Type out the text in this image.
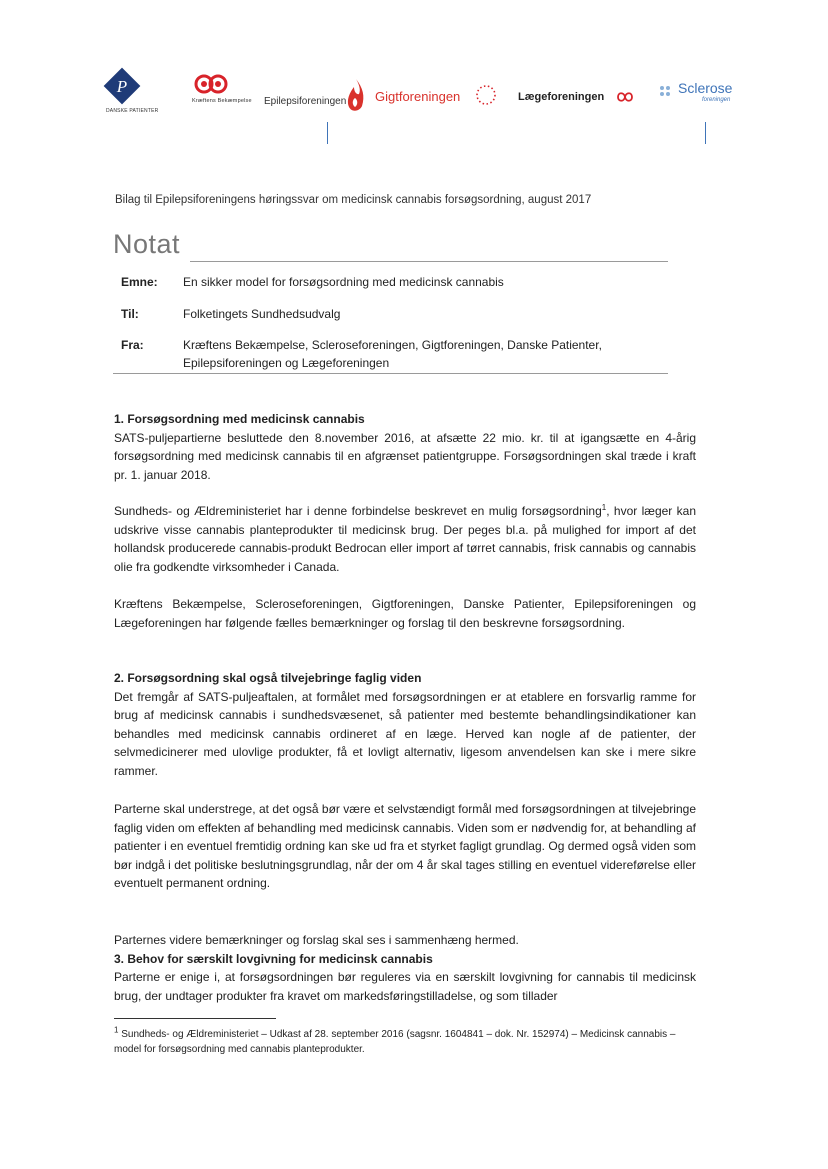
P
DANSKE PATIENTER
Kræftens Bekæmpelse Epilepsiforeningen Gigtforeningen	Lægeforeningen
Sclerose
foreningen
Bilag til Epilepsiforeningens høringssvar om medicinsk cannabis forsøgsordning, august 2017
Notat
Emne: En sikker model for forsøgsordning med medicinsk cannabis
Til:	Folketingets Sundhedsudvalg
Fra:	Kræftens Bekæmpelse, Scleroseforeningen, Gigtforeningen, Danske Patienter,
Epilepsiforeningen og Lægeforeningen
1. Forsøgsordning med medicinsk cannabis

SATS-puljepartierne besluttede den 8.november 2016, at afsætte 22 mio. kr. til at igangsætte en 4-årig forsøgsordning med medicinsk cannabis til en afgrænset patientgruppe. Forsøgsordningen skal træde i kraft pr. 1. januar 2018.

Sundheds- og Ældreministeriet har i denne forbindelse beskrevet en mulig forsøgsordning$^1$, hvor læger kan udskrive visse cannabis planteprodukter til medicinsk brug. Der peges bl.a. på mulighed for import af det hollandsk producerede cannabis-produkt Bedrocan eller import af tørret cannabis, frisk cannabis og cannabis olie fra godkendte virksomheder i Canada.

Kræftens Bekæmpelse, Scleroseforeningen, Gigtforeningen, Danske Patienter, Epilepsiforeningen og Lægeforeningen har følgende fælles bemærkninger og forslag til den beskrevne forsøgsordning.

2. Forsøgsordning skal også tilvejebringe faglig viden

Det fremgår af SATS-puljeaftalen, at formålet med forsøgsordningen er at etablere en forsvarlig ramme for brug af medicinsk cannabis i sundhedsvæsenet, så patienter med bestemte behandlingsindikationer kan behandles med medicinsk cannabis ordineret af en læge. Herved kan nogle af de patienter, der selvmedicinerer med ulovlige produkter, få et lovligt alternativ, ligesom anvendelsen kan ske i mere sikre rammer.

Parterne skal understrege, at det også bør være et selvstændigt formål med forsøgsordningen at tilvejebringe faglig viden om effekten af behandling med medicinsk cannabis. Viden som er nødvendig for, at behandling af patienter i en eventuel fremtidig ordning kan ske ud fra et styrket fagligt grundlag. Og dermed også viden som bør indgå i det politiske beslutningsgrundlag, når der om 4 år skal tages stilling en eventuel videreførelse eller eventuelt permanent ordning.

Parternes videre bemærkninger og forslag skal ses i sammenhæng hermed.

3. Behov for særskilt lovgivning for medicinsk cannabis

Parterne er enige i, at forsøgsordningen bør reguleres via en særskilt lovgivning for cannabis til medicinsk brug, der undtager produkter fra kravet om markedsføringstilladelse, og som tillader

$^1$ Sundheds- og Ældreministeriet – Udkast af 28. september 2016 (sagsnr. 1604841 – dok. Nr. 152974) – Medicinsk cannabis – model for forsøgsordning med cannabis planteprodukter.
